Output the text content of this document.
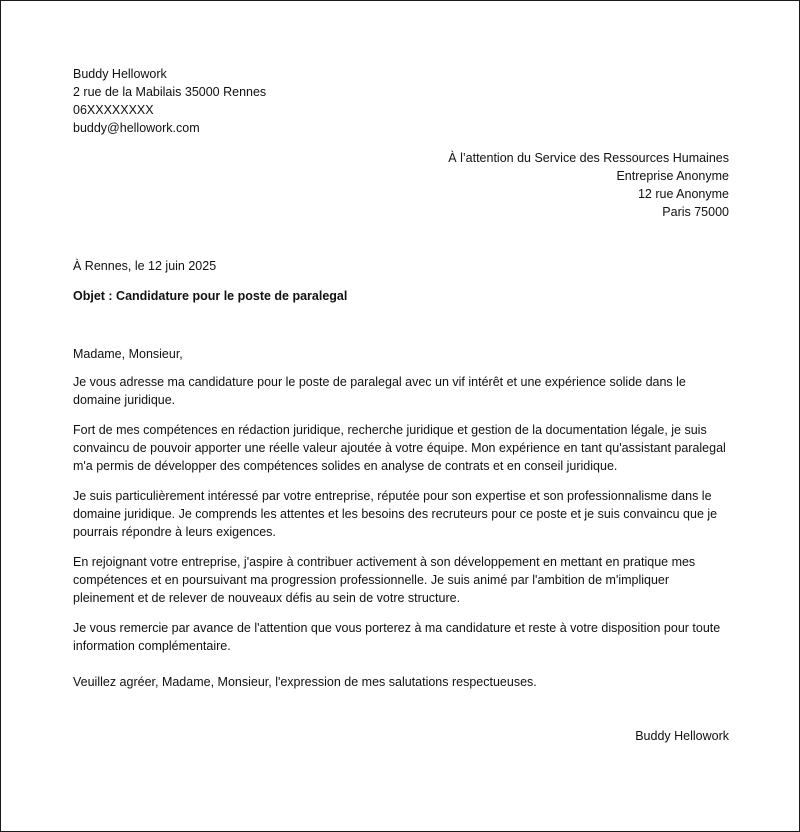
Buddy Hellowork
2 rue de la Mabilais 35000 Rennes
06XXXXXXXX
buddy@hellowork.com
À l’attention du Service des Ressources Humaines
Entreprise Anonyme
12 rue Anonyme
Paris 75000
À Rennes, le 12 juin 2025
Objet : Candidature pour le poste de paralegal
Madame, Monsieur,
Je vous adresse ma candidature pour le poste de paralegal avec un vif intérêt et une expérience solide dans le domaine juridique.
Fort de mes compétences en rédaction juridique, recherche juridique et gestion de la documentation légale, je suis convaincu de pouvoir apporter une réelle valeur ajoutée à votre équipe. Mon expérience en tant qu'assistant paralegal m'a permis de développer des compétences solides en analyse de contrats et en conseil juridique.
Je suis particulièrement intéressé par votre entreprise, réputée pour son expertise et son professionnalisme dans le domaine juridique. Je comprends les attentes et les besoins des recruteurs pour ce poste et je suis convaincu que je pourrais répondre à leurs exigences.
En rejoignant votre entreprise, j'aspire à contribuer activement à son développement en mettant en pratique mes compétences et en poursuivant ma progression professionnelle. Je suis animé par l'ambition de m'impliquer pleinement et de relever de nouveaux défis au sein de votre structure.
Je vous remercie par avance de l'attention que vous porterez à ma candidature et reste à votre disposition pour toute information complémentaire.
Veuillez agréer, Madame, Monsieur, l'expression de mes salutations respectueuses.
Buddy Hellowork
